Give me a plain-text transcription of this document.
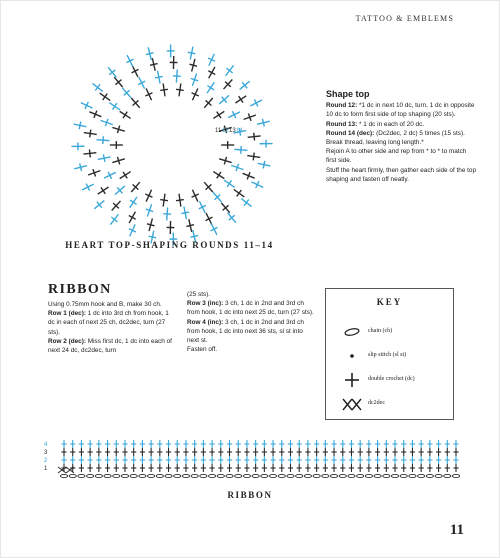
TATTOO & EMBLEMS
11 12 13 14
4
3
2
1
HEART TOP-SHAPING ROUNDS 11–14
Shape top

Round 12: *1 dc in next 10 dc, turn, 1 dc in opposite 10 dc to form first side of top shaping (20 sts).

Round 13: * 1 dc in each of 20 dc.

Round 14 (dec): (Dc2dec, 2 dc) 5 times (15 sts).

Break thread, leaving long length.*

Rejoin A to other side and rep from * to * to match first side.

Stuff the heart firmly, then gather each side of the top shaping and fasten off neatly.

RIBBON

Using 0.75mm hook and B, make 30 ch.

Row 1 (dec): 1 dc into 3rd ch from hook, 1 dc in each of next 25 ch, dc2dec, turn (27 sts).

Row 2 (dec): Miss first dc, 1 dc into each of next 24 dc, dc2dec, turn

(25 sts).

Row 3 (inc): 3 ch, 1 dc in 2nd and 3rd ch from hook, 1 dc into next 25 dc, turn (27 sts).

Row 4 (inc): 3 ch, 1 dc in 2nd and 3rd ch from hook, 1 dc into next 36 sts, sl st into next st.

Fasten off.

KEY
chain (ch)
slip stitch (sl st)
double crochet (dc)
dc2dec
RIBBON
11
